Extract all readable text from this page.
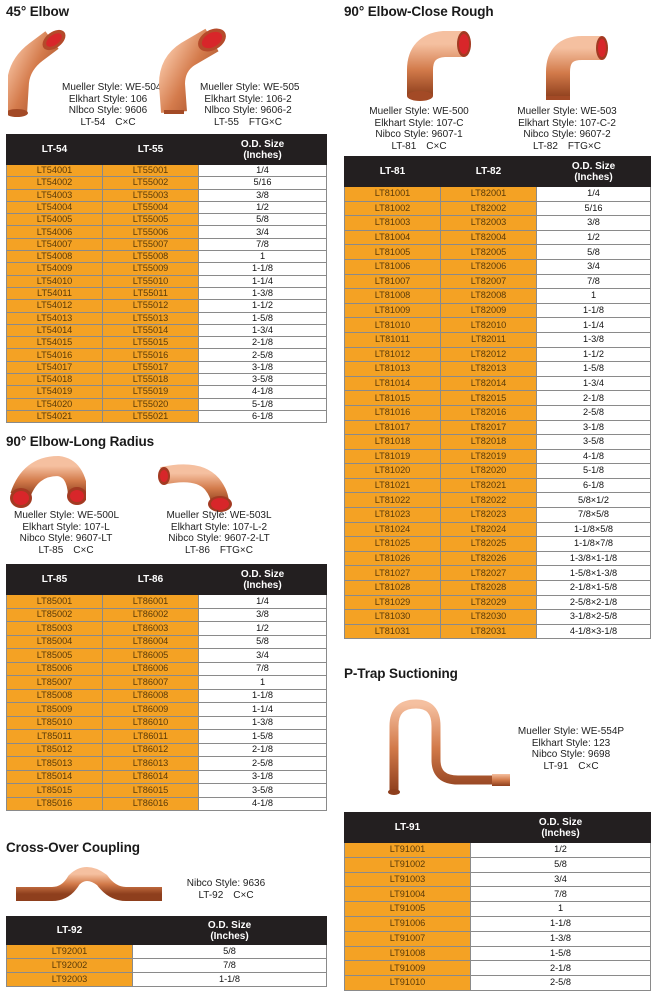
45° Elbow
Mueller Style: WE-504
Elkhart Style: 106
Nlbco Style: 9606
LT-54　C×C
Mueller Style: WE-505
Elkhart Style: 106-2
Nlbco Style: 9606-2
LT-55　FTG×C
LT-54	LT-55	O.D. Size
(Inches)

LT54001	LT55001	1/4
LT54002	LT55002	5/16
LT54003	LT55003	3/8
LT54004	LT55004	1/2
LT54005	LT55005	5/8
LT54006	LT55006	3/4
LT54007	LT55007	7/8
LT54008	LT55008	1
LT54009	LT55009	1-1/8
LT54010	LT55010	1-1/4
LT54011	LT55011	1-3/8
LT54012	LT55012	1-1/2
LT54013	LT55013	1-5/8
LT54014	LT55014	1-3/4
LT54015	LT55015	2-1/8
LT54016	LT55016	2-5/8
LT54017	LT55017	3-1/8
LT54018	LT55018	3-5/8
LT54019	LT55019	4-1/8
LT54020	LT55020	5-1/8
LT54021	LT55021	6-1/8
90° Elbow-Long Radius
Mueller Style: WE-500L
Elkhart Style: 107-L
Nibco Style: 9607-LT
LT-85　C×C
Mueller Style: WE-503L
Elkhart Style: 107-L-2
Nibco Style: 9607-2-LT
LT-86　FTG×C
LT-85	LT-86	O.D. Size
(Inches)

LT85001	LT86001	1/4
LT85002	LT86002	3/8
LT85003	LT86003	1/2
LT85004	LT86004	5/8
LT85005	LT86005	3/4
LT85006	LT86006	7/8
LT85007	LT86007	1
LT85008	LT86008	1-1/8
LT85009	LT86009	1-1/4
LT85010	LT86010	1-3/8
LT85011	LT86011	1-5/8
LT85012	LT86012	2-1/8
LT85013	LT86013	2-5/8
LT85014	LT86014	3-1/8
LT85015	LT86015	3-5/8
LT85016	LT86016	4-1/8
Cross-Over Coupling
Nibco Style: 9636
LT-92　C×C
LT-92	O.D. Size
(Inches)

LT92001	5/8
LT92002	7/8
LT92003	1-1/8
90° Elbow-Close Rough
Mueller Style: WE-500
Elkhart Style: 107-C
Nibco Style: 9607-1
LT-81　C×C
Mueller Style: WE-503
Elkhart Style: 107-C-2
Nibco Style: 9607-2
LT-82　FTG×C
LT-81	LT-82	O.D. Size
(Inches)

LT81001	LT82001	1/4
LT81002	LT82002	5/16
LT81003	LT82003	3/8
LT81004	LT82004	1/2
LT81005	LT82005	5/8
LT81006	LT82006	3/4
LT81007	LT82007	7/8
LT81008	LT82008	1
LT81009	LT82009	1-1/8
LT81010	LT82010	1-1/4
LT81011	LT82011	1-3/8
LT81012	LT82012	1-1/2
LT81013	LT82013	1-5/8
LT81014	LT82014	1-3/4
LT81015	LT82015	2-1/8
LT81016	LT82016	2-5/8
LT81017	LT82017	3-1/8
LT81018	LT82018	3-5/8
LT81019	LT82019	4-1/8
LT81020	LT82020	5-1/8
LT81021	LT82021	6-1/8
LT81022	LT82022	5/8×1/2
LT81023	LT82023	7/8×5/8
LT81024	LT82024	1-1/8×5/8
LT81025	LT82025	1-1/8×7/8
LT81026	LT82026	1-3/8×1-1/8
LT81027	LT82027	1-5/8×1-3/8
LT81028	LT82028	2-1/8×1-5/8
LT81029	LT82029	2-5/8×2-1/8
LT81030	LT82030	3-1/8×2-5/8
LT81031	LT82031	4-1/8×3-1/8
P-Trap Suctioning
Mueller Style: WE-554P
Elkhart Style: 123
Nibco Style: 9698
LT-91　C×C
LT-91	O.D. Size
(Inches)

LT91001	1/2
LT91002	5/8
LT91003	3/4
LT91004	7/8
LT91005	1
LT91006	1-1/8
LT91007	1-3/8
LT91008	1-5/8
LT91009	2-1/8
LT91010	2-5/8
